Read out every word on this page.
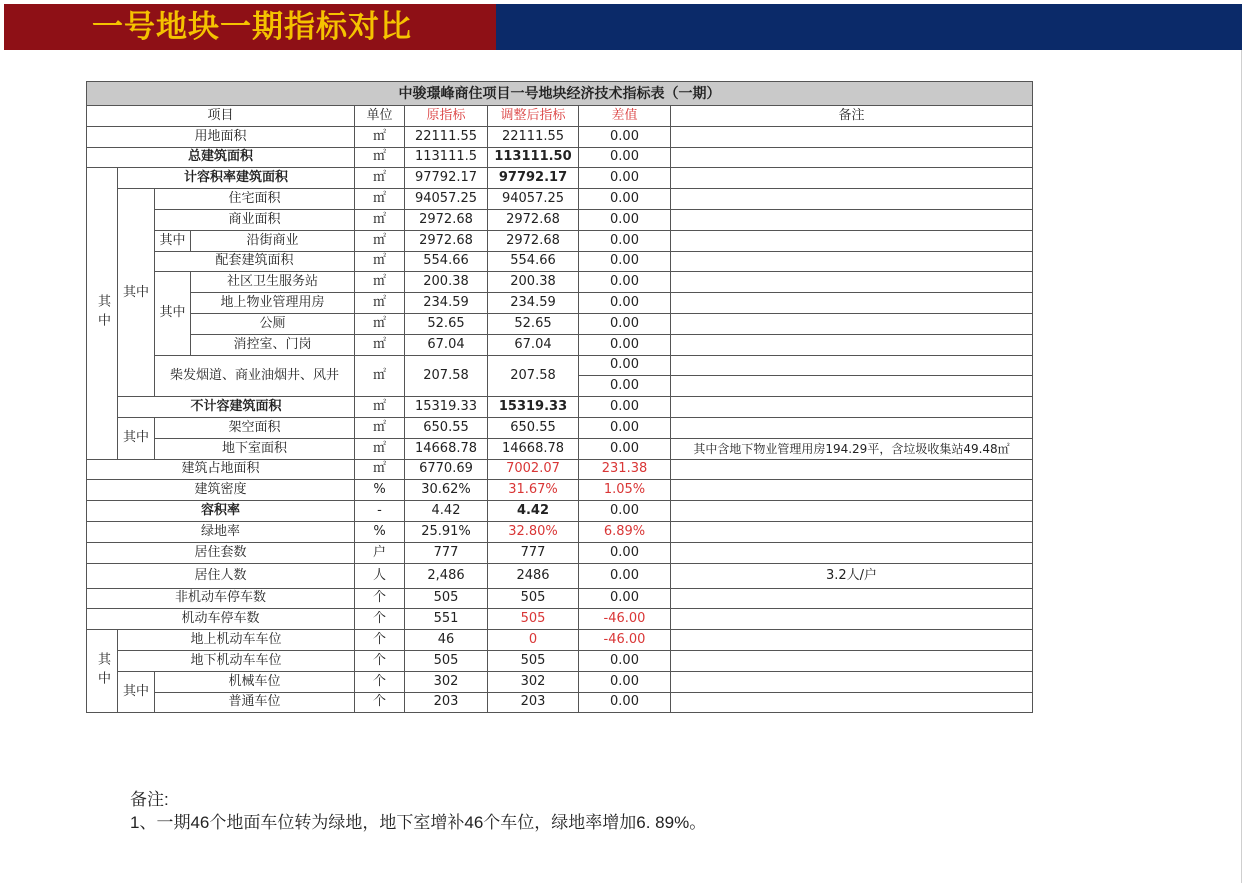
一号地块一期指标对比
中骏璟峰商住项目一号地块经济技术指标表（一期）								
项目				单位	原指标	调整后指标	差值	备注
用地面积				㎡	22111.55	22111.55	0.00	
总建筑面积				㎡	113111.5	113111.50	0.00	
其中	计容积率建筑面积			㎡	97792.17	97792.17	0.00	
	其中	住宅面积		㎡	94057.25	94057.25	0.00	
		商业面积		㎡	2972.68	2972.68	0.00	
		其中	沿街商业	㎡	2972.68	2972.68	0.00	
		配套建筑面积		㎡	554.66	554.66	0.00	
		其中	社区卫生服务站	㎡	200.38	200.38	0.00	
			地上物业管理用房	㎡	234.59	234.59	0.00	
			公厕	㎡	52.65	52.65	0.00	
			消控室、门岗	㎡	67.04	67.04	0.00	
		柴发烟道、商业油烟井、风井		㎡	207.58	207.58	0.00	
							0.00	
	不计容建筑面积			㎡	15319.33	15319.33	0.00	
	其中	架空面积		㎡	650.55	650.55	0.00	
		地下室面积		㎡	14668.78	14668.78	0.00	其中含地下物业管理用房194.29平，含垃圾收集站49.48㎡

建筑占地面积				㎡	6770.69	7002.07	231.38	
建筑密度				%	30.62%	31.67%	1.05%	
容积率				-	4.42	4.42	0.00	
绿地率				%	25.91%	32.80%	6.89%	
居住套数				户	777	777	0.00	
居住人数				人	2,486	2486	0.00	3.2人/户
非机动车停车数				个	505	505	0.00	
机动车停车数				个	551	505	-46.00	
其中	地上机动车车位			个	46	0	-46.00	
	地下机动车车位			个	505	505	0.00	
	其中	机械车位		个	302	302	0.00	
		普通车位		个	203	203	0.00	
备注:
1、一期46个地面车位转为绿地，地下室增补46个车位，绿地率增加6. 89%。
